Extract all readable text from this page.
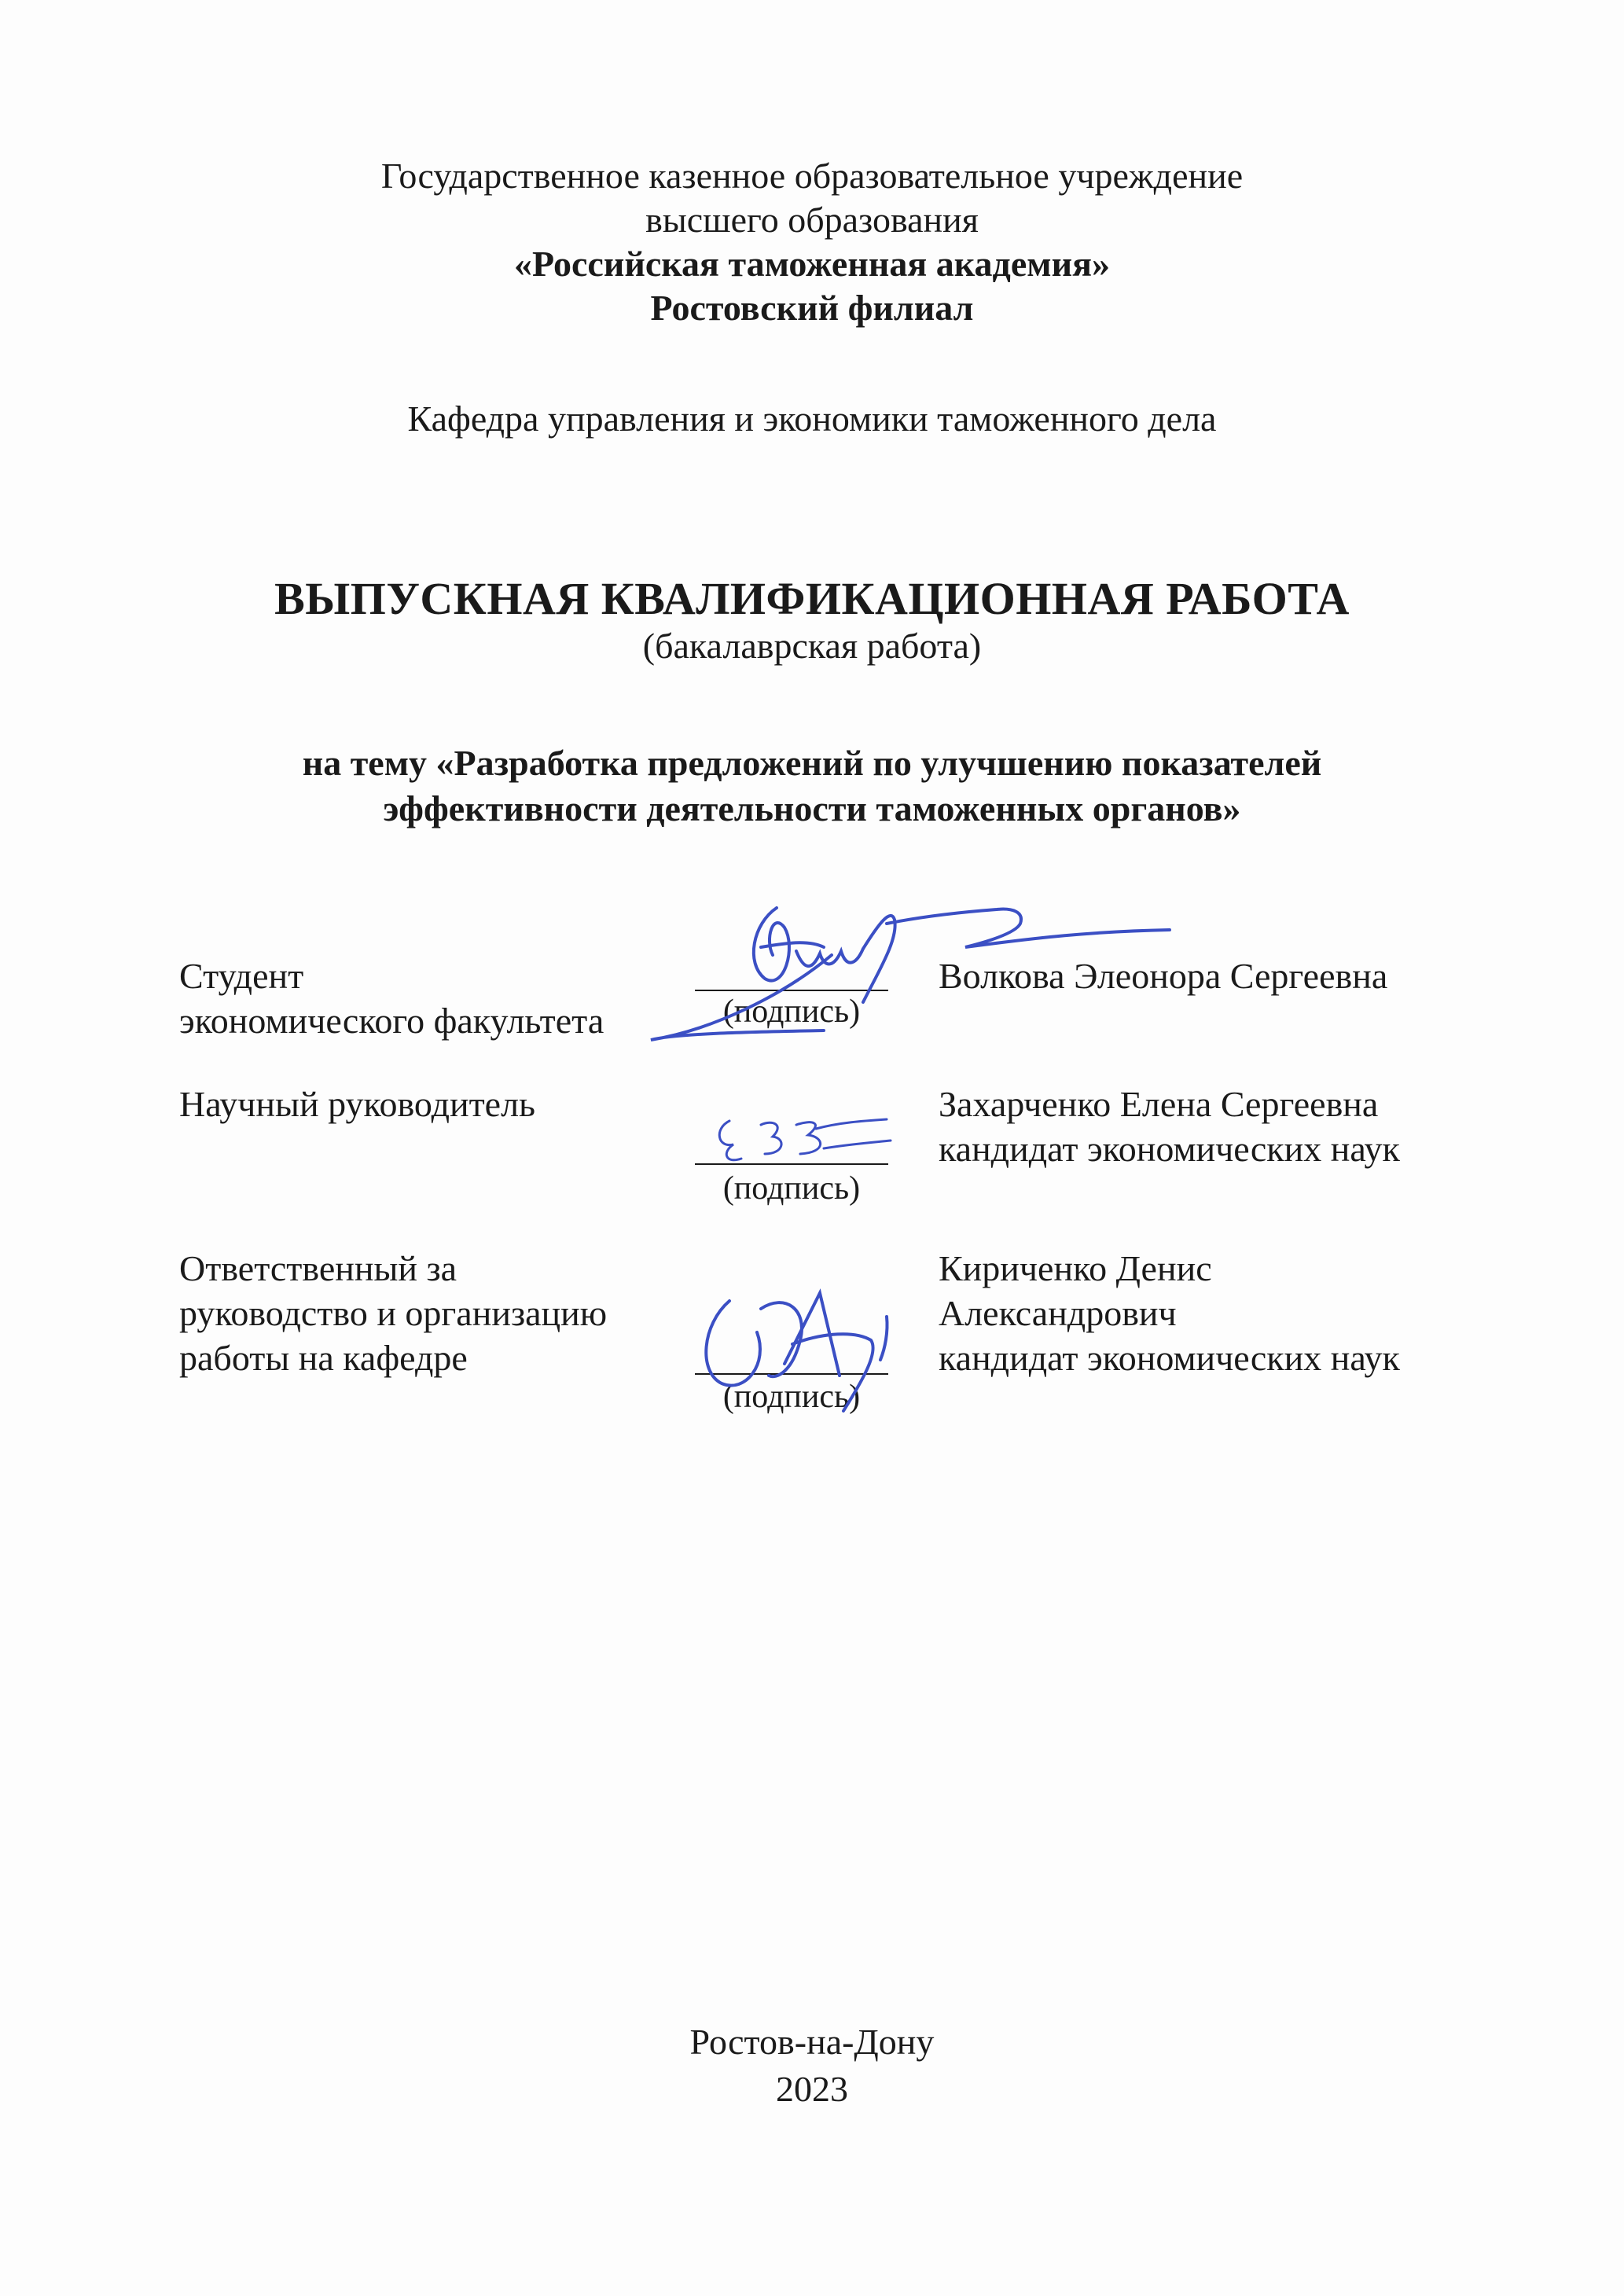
Государственное казенное образовательное учреждение
высшего образования
«Российская таможенная академия»
Ростовский филиал
Кафедра управления и экономики таможенного дела
ВЫПУСКНАЯ КВАЛИФИКАЦИОННАЯ РАБОТА
(бакалаврская работа)
на тему «Разработка предложений по улучшению показателей
эффективности деятельности таможенных органов»
Студент
экономического факультета	(подпись)
Волкова Элеонора Сергеевна
Научный руководитель
(подпись)
Захарченко Елена Сергеевна
кандидат экономических наук
Ответственный за
руководство и организацию
работы на кафедре
(подпись)
Кириченко Денис
Александрович
кандидат экономических наук
Ростов-на-Дону
2023
